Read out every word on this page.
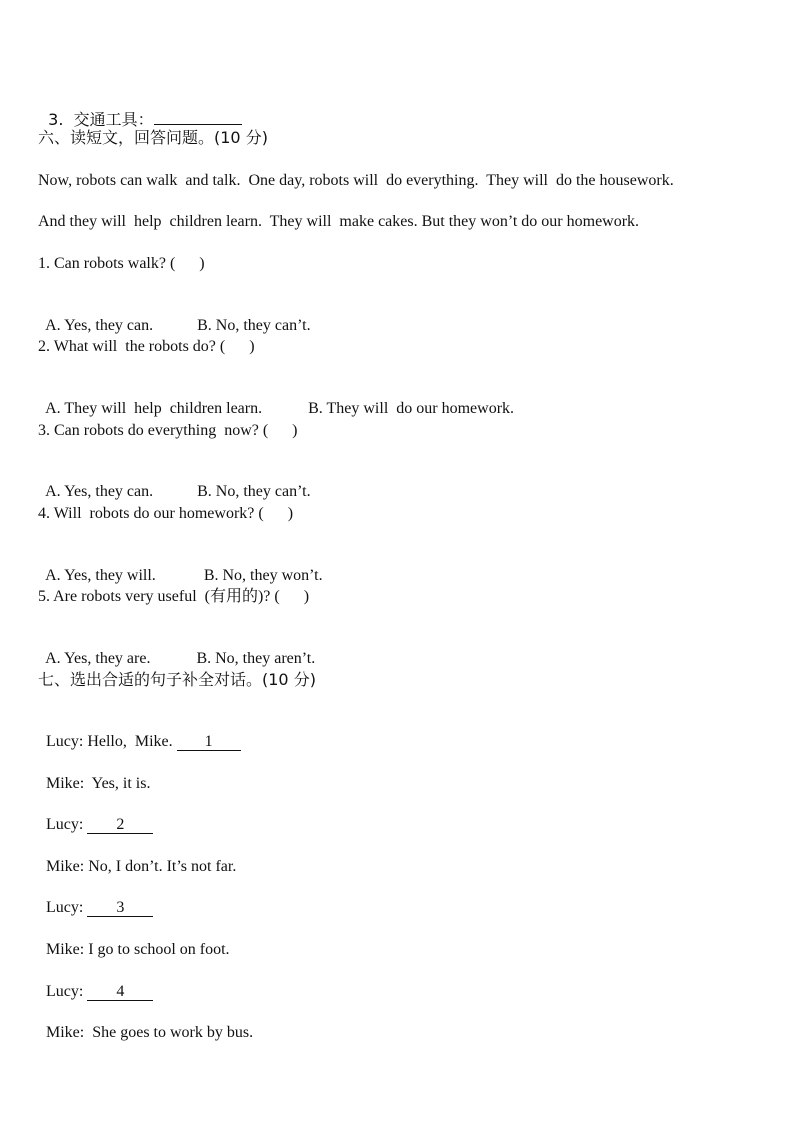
3.  交通工具：

六、读短文，回答问题。(10 分)
Now, robots can walk  and talk.  One day, robots will  do everything.  They will  do the housework.
And they will  help  children learn.  They will  make cakes. But they won’t do our homework.
1. Can robots walk? (      )

A. Yes, they can.	B. No, they can’t.

2. What will  the robots do? (      )

A. They will  help  children learn.	B. They will  do our homework.

3. Can robots do everything  now? (      )

A. Yes, they can.	B. No, they can’t.

4. Will  robots do our homework? (      )

A. Yes, they will.	B. No, they won’t.

5. Are robots very useful  (有用的)? (      )

A. Yes, they are.	B. No, they aren’t.

七、选出合适的句子补全对话。(10 分)

Lucy: Hello,  Mike. 1

Mike:  Yes, it is.

Lucy: 2

Mike: No, I don’t. It’s not far.

Lucy: 3

Mike: I go to school on foot.

Lucy: 4

Mike:  She goes to work by bus.
